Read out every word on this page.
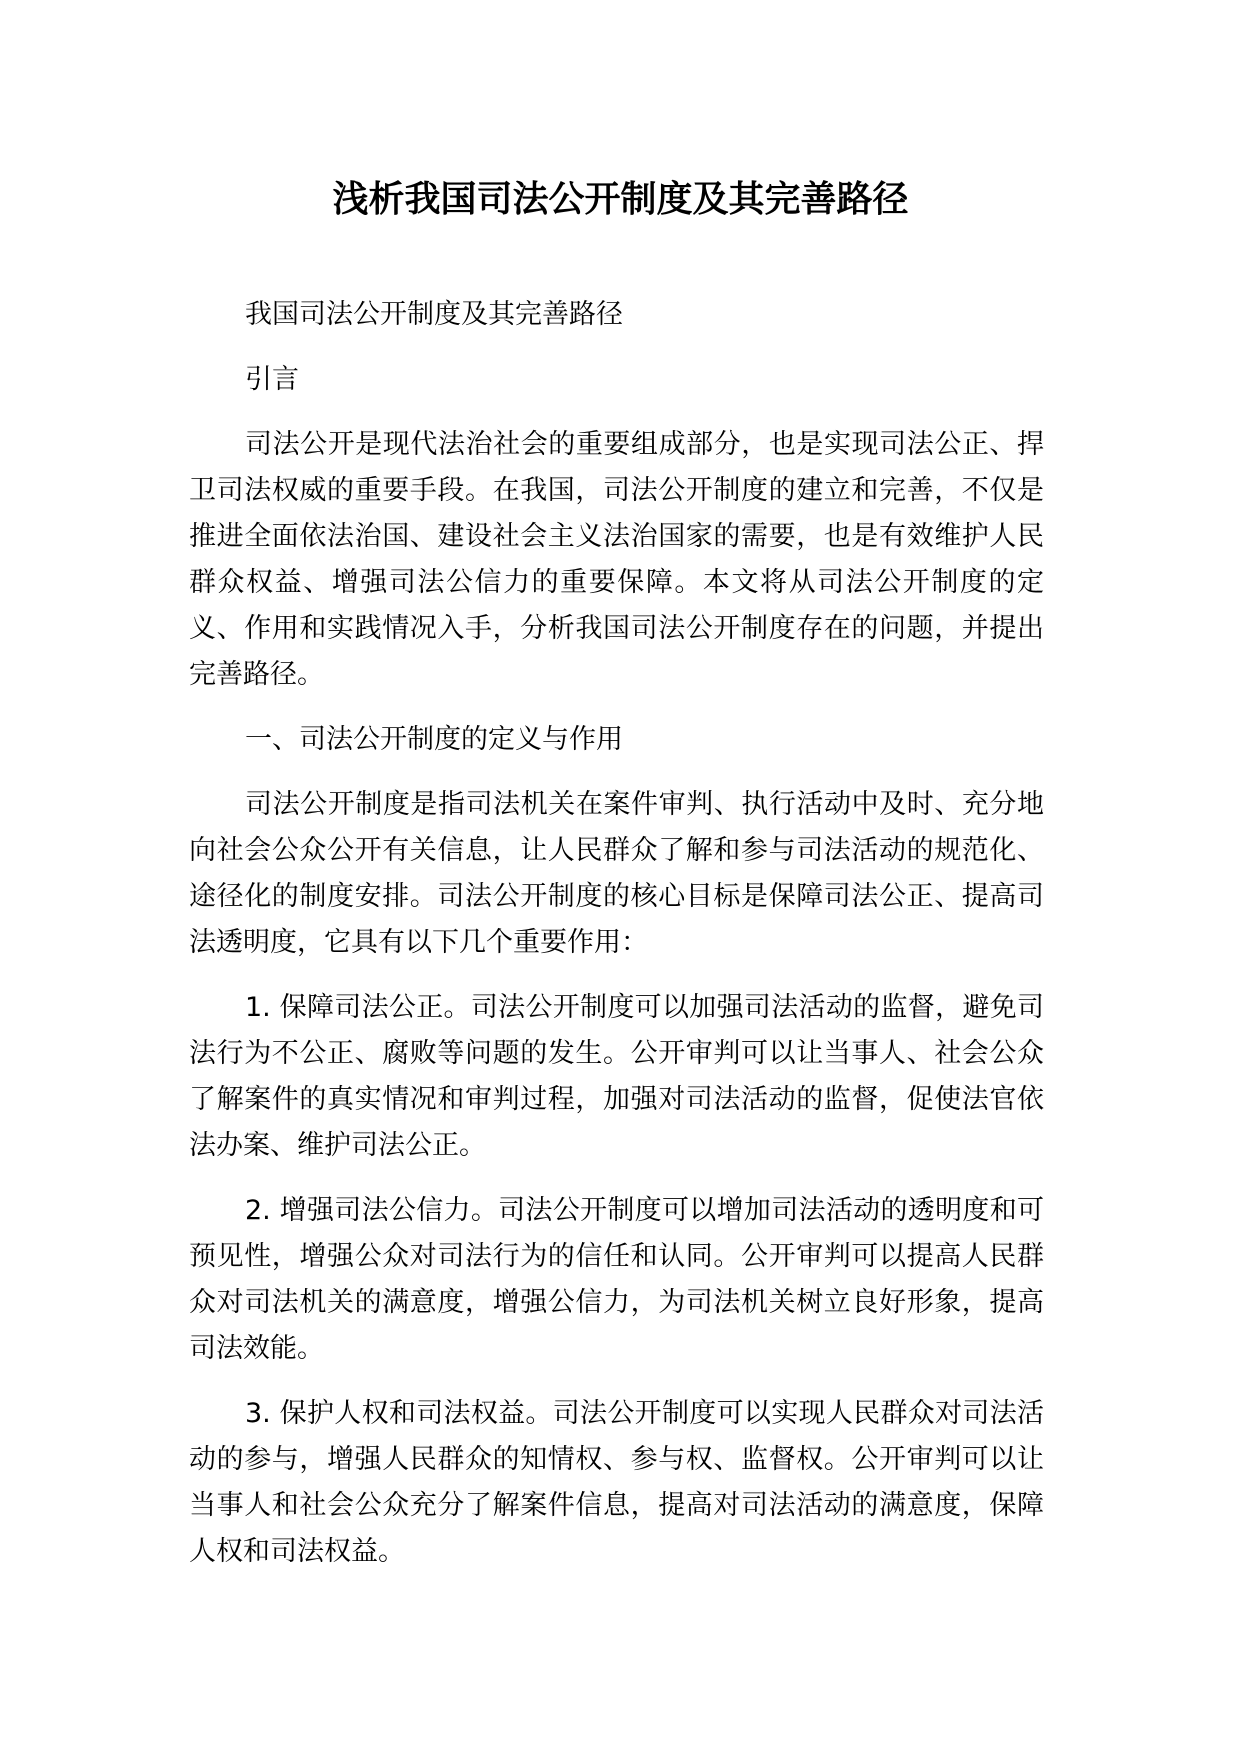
浅析我国司法公开制度及其完善路径

我国司法公开制度及其完善路径

引言

司法公开是现代法治社会的重要组成部分，也是实现司法公正、捍卫司法权威的重要手段。在我国，司法公开制度的建立和完善，不仅是推进全面依法治国、建设社会主义法治国家的需要，也是有效维护人民群众权益、增强司法公信力的重要保障。本文将从司法公开制度的定义、作用和实践情况入手，分析我国司法公开制度存在的问题，并提出完善路径。

一、司法公开制度的定义与作用

司法公开制度是指司法机关在案件审判、执行活动中及时、充分地向社会公众公开有关信息，让人民群众了解和参与司法活动的规范化、途径化的制度安排。司法公开制度的核心目标是保障司法公正、提高司法透明度，它具有以下几个重要作用：

1. 保障司法公正。司法公开制度可以加强司法活动的监督，避免司法行为不公正、腐败等问题的发生。公开审判可以让当事人、社会公众了解案件的真实情况和审判过程，加强对司法活动的监督，促使法官依法办案、维护司法公正。

2. 增强司法公信力。司法公开制度可以增加司法活动的透明度和可预见性，增强公众对司法行为的信任和认同。公开审判可以提高人民群众对司法机关的满意度，增强公信力，为司法机关树立良好形象，提高司法效能。

3. 保护人权和司法权益。司法公开制度可以实现人民群众对司法活动的参与，增强人民群众的知情权、参与权、监督权。公开审判可以让当事人和社会公众充分了解案件信息，提高对司法活动的满意度，保障人权和司法权益。
